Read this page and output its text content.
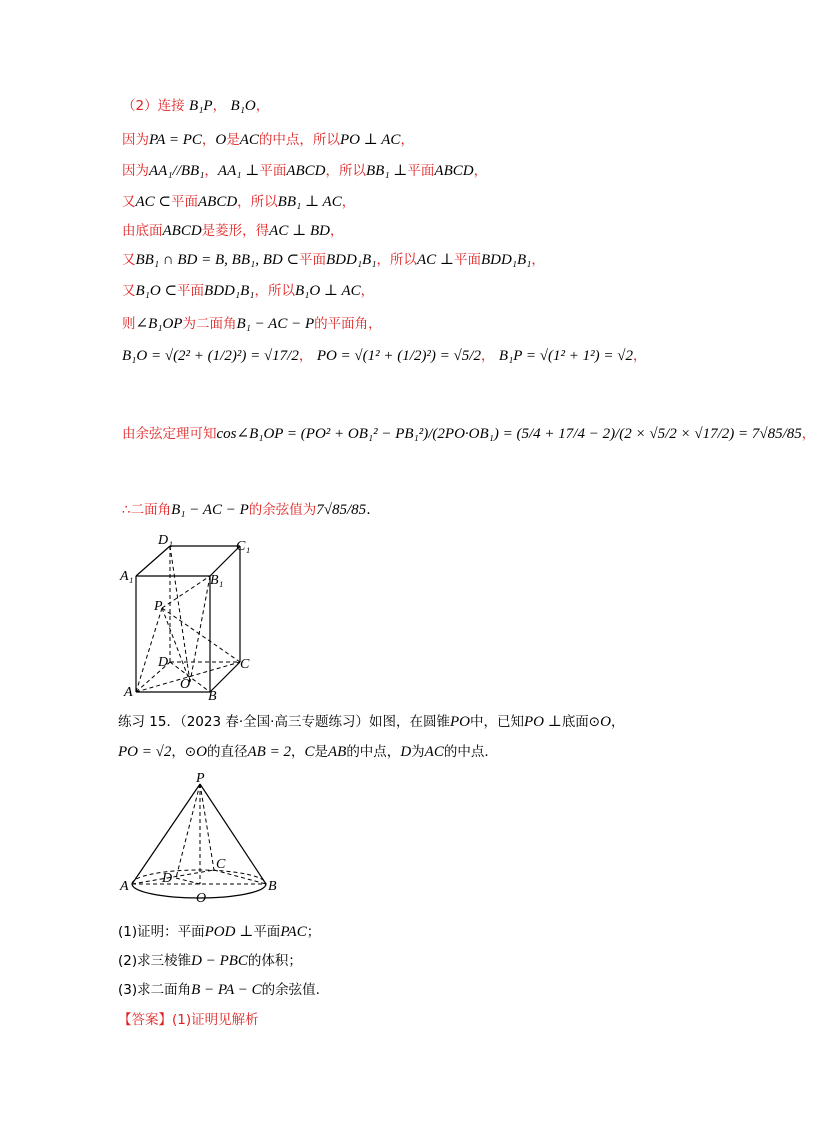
（2）连接 B₁P， B₁O，
因为PA = PC，O是AC的中点，所以PO ⊥ AC，
因为AA₁//BB₁，AA₁ ⊥平面ABCD，所以BB₁ ⊥平面ABCD，
又AC ⊂平面ABCD，所以BB₁ ⊥ AC，
由底面ABCD是菱形，得AC ⊥ BD，
又BB₁ ∩ BD = B, BB₁, BD ⊂平面BDD₁B₁，所以AC ⊥平面BDD₁B₁，
又B₁O ⊂平面BDD₁B₁，所以B₁O ⊥ AC，
则∠B₁OP为二面角B₁ − AC − P的平面角，
B₁O = √(2² + (1/2)²) = √17/2， PO = √(1² + (1/2)²) = √5/2， B₁P = √(1² + 1²) = √2，
由余弦定理可知cos∠B₁OP = (PO² + OB₁² − PB₁²)/(2PO·OB₁) = (5/4 + 17/4 − 2)/(2 × √5/2 × √17/2) = 7√85/85，
∴二面角B₁ − AC − P的余弦值为7√85/85.
D₁	C₁
A₁	B₁
P
D	C
A
O
B
练习 15．（2023 春·全国·高三专题练习）如图，在圆锥PO中，已知PO ⊥底面⊙O，
PO = √2，⊙O的直径AB = 2，C是AB的中点，D为AC的中点.
P
A
D
C
O
B
(1)证明：平面POD ⊥平面PAC；
(2)求三棱锥D − PBC的体积；
(3)求二面角B − PA − C的余弦值.
【答案】(1)证明见解析
